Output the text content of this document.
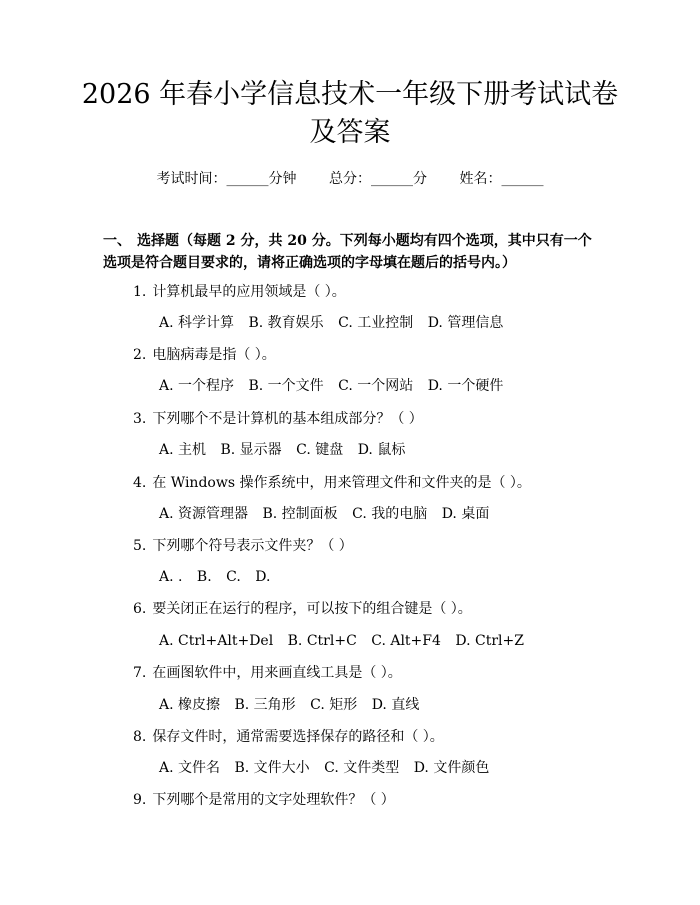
2026 年春小学信息技术一年级下册考试试卷
及答案
考试时间：______分钟 总分：______分 姓名：______
一、 选择题（每题 2 分，共 20 分。下列每小题均有四个选项，其中只有一个选项是符合题目要求的，请将正确选项的字母填在题后的括号内。）
1. 计算机最早的应用领域是（ ）。
A. 科学计算 B. 教育娱乐 C. 工业控制 D. 管理信息
2. 电脑病毒是指（ ）。
A. 一个程序 B. 一个文件 C. 一个网站 D. 一个硬件
3. 下列哪个不是计算机的基本组成部分？（ ）
A. 主机 B. 显示器 C. 键盘 D. 鼠标
4. 在 Windows 操作系统中，用来管理文件和文件夹的是（ ）。
A. 资源管理器 B. 控制面板 C. 我的电脑 D. 桌面
5. 下列哪个符号表示文件夹？（ ）
A. . B. C. D.
6. 要关闭正在运行的程序，可以按下的组合键是（ ）。
A. Ctrl+Alt+Del B. Ctrl+C C. Alt+F4 D. Ctrl+Z
7. 在画图软件中，用来画直线工具是（ ）。
A. 橡皮擦 B. 三角形 C. 矩形 D. 直线
8. 保存文件时，通常需要选择保存的路径和（ ）。
A. 文件名 B. 文件大小 C. 文件类型 D. 文件颜色
9. 下列哪个是常用的文字处理软件？（ ）
